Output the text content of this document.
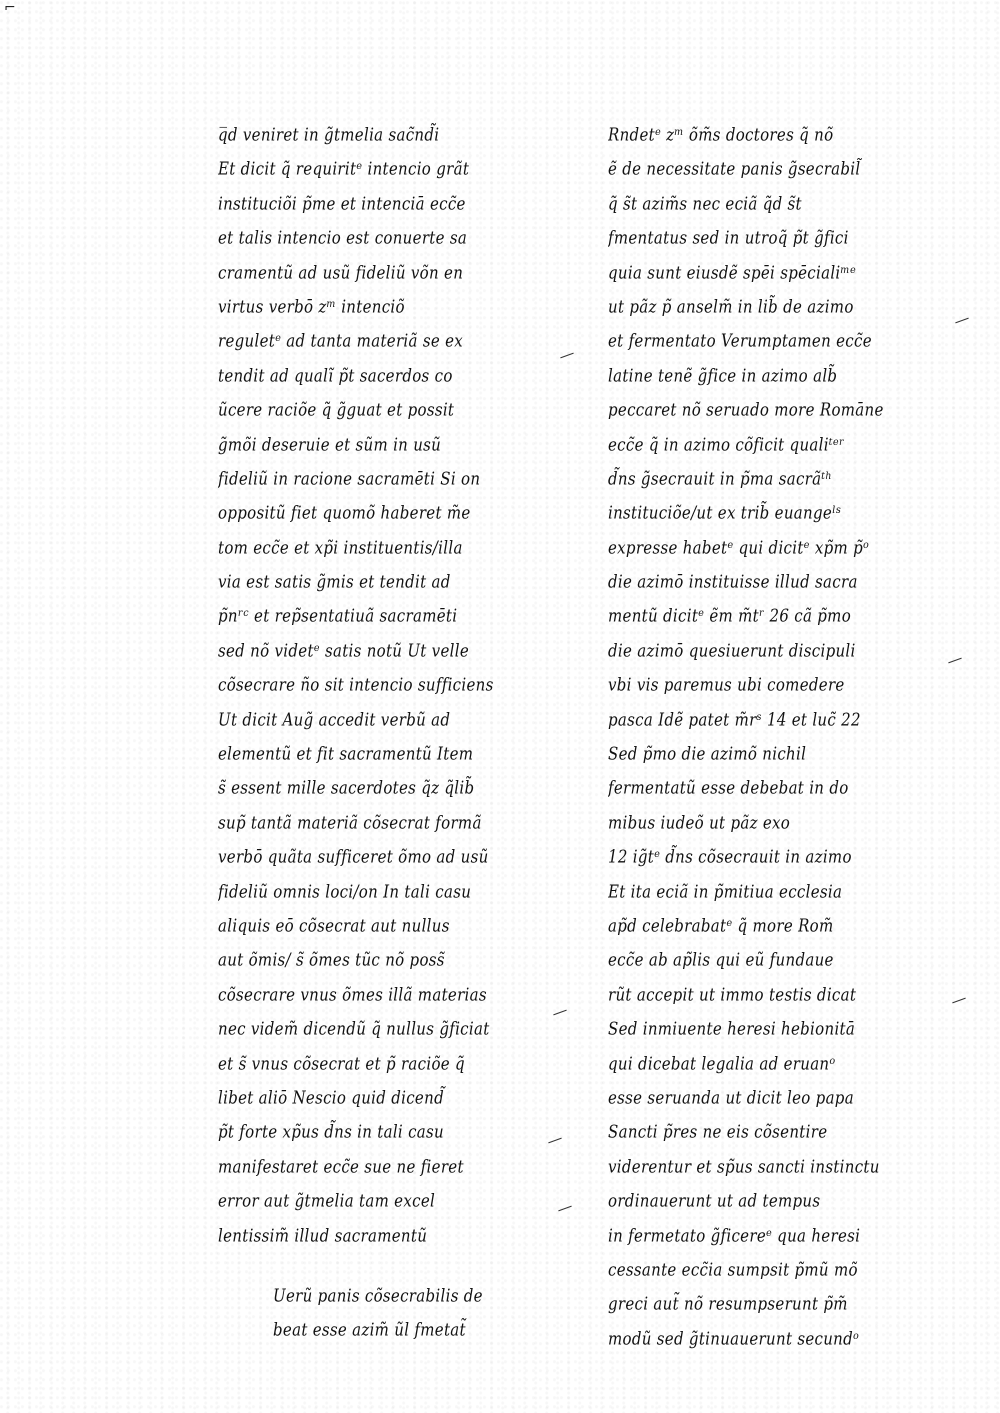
⌐
q̅d veniret in g̃tmelia sac̃nd̃i
Et dicit q̃ requiritᵉ intencio grãt
instituciõi p̃me et intenciā ecc̃e
et talis intencio est conuerte sa
cramentũ ad usũ fideliũ võn en
virtus verbō zᵐ intenciõ
reguletᵉ ad tanta materiã se ex
tendit ad qualĩ p̃t sacerdos co
ũcere raciõe q̃ g̃guat et possit
g̃mõi deseruie et sũm in usũ
fideliũ in racione sacramēti Si on
oppositũ fiet quomõ haberet m̃e
tom ecc̃e et xp̃i instituentis/illa
via est satis g̃mis et tendit ad
p̃nʳᶜ et rep̃sentatiuã sacramēti
sed nõ videtᵉ satis notũ Ut velle
cõsecrare ño sit intencio sufficiens
Ut dicit Aug̃ accedit verbũ ad
elementũ et fit sacramentũ Item
s̃ essent mille sacerdotes q̃z q̃lib̃
sup̃ tantã materiã cõsecrat formã
verbō quãta sufficeret õmo ad usũ
fideliũ omnis loci/on In tali casu
aliquis eō cõsecrat aut nullus
aut õmis/ s̃ õmes tũc nõ poss̃
cõsecrare vnus õmes illã materias
nec videm̃ dicendũ q̃ nullus g̃ficiat
et s̃ vnus cõsecrat et p̃ raciõe q̃
libet aliō Nescio quid dicend̃
p̃t forte xp̃us d̃ns in tali casu
manifestaret ecc̃e sue ne fieret
error aut g̃tmelia tam excel
lentissim̃ illud sacramentũ
Uerũ panis cõsecrabilis de
beat esse azim̃ ũl fmetat̃
Rndetᵉ zᵐ õm̃s doctores q̃ nõ
ẽ de necessitate panis g̃secrabil̃
q̃ s̃t azim̃s nec eciã q̃d s̃t
fmentatus sed in utroq̃ p̃t g̃fici
quia sunt eiusdẽ spēi spēcialiᵐᵉ
ut pãz p̃ anselm̃ in lib̃ de azimo
et fermentato Verumptamen ecc̃e
latine tenẽ g̃fice in azimo alb̃
peccaret nõ seruado more Romāne
ecc̃e q̃ in azimo cõficit qualiᵗᵉʳ
d̃ns g̃secrauit in p̃ma sacrãᵗʰ
instituciõe/ut ex trib̃ euangeˡˢ
expresse habetᵉ qui dicitᵉ xp̃m p̃ᵒ
die azimō instituisse illud sacra
mentũ dicitᵉ ẽm m̃tʳ 26 cã p̃mo
die azimō quesiuerunt discipuli
vbi vis paremus ubi comedere
pasca Idẽ patet m̃rˢ 14 et luc̃ 22
Sed p̃mo die azimõ nichil
fermentatũ esse debebat in do
mibus iudeõ ut pãz exo
12 ig̃tᵉ d̃ns cõsecrauit in azimo
Et ita eciã in p̃mitiua ecclesia
ap̃d celebrabatᵉ q̃ more Rom̃
ecc̃e ab ap̃lis qui eũ fundaue
rũt accepit ut immo testis dicat
Sed inmiuente heresi hebionitā
qui dicebat legalia ad eruanᵒ
esse seruanda ut dicit leo papa
Sancti p̃res ne eis cõsentire
viderentur et sp̃us sancti instinctu
ordinauerunt ut ad tempus
in fermetato g̃ficereᵉ qua heresi
cessante ecc̃ia sumpsit p̃mũ mõ
greci aut̃ nõ resumpserunt p̃m̃
modũ sed g̃tinuauerunt secundᵒ
